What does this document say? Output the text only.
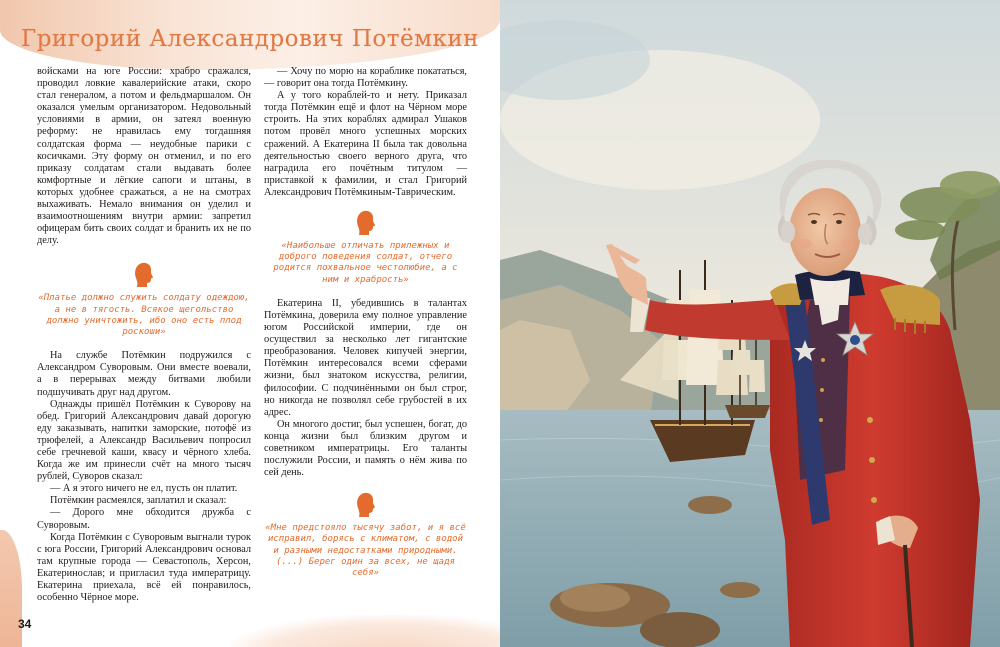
Григорий Александрович Потёмкин

войсками на юге России: храбро сражался, проводил ловкие кавалерийские атаки, скоро стал генералом, а потом и фельдмаршалом. Он оказался умелым организатором. Недовольный условиями в армии, он затеял военную реформу: не нравилась ему тогдашняя солдатская форма — неудобные парики с косичками. Эту форму он отменил, и по его приказу солдатам стали выдавать более комфортные и лёгкие сапоги и штаны, в которых удобнее сражаться, а не на смотрах выхаживать. Немало внимания он уделил и взаимоотношениям внутри армии: запретил офицерам бить своих солдат и бранить их не по делу.

«Платье должно служить солдату одеждою, а не в тягость. Всякое щегольство должно уничтожить, ибо оно есть плод роскоши»

На службе Потёмкин подружился с Александром Суворовым. Они вместе воевали, а в перерывах между битвами любили подшучивать друг над другом.

Однажды пришёл Потёмкин к Суворову на обед. Григорий Александрович давай дорогую еду заказывать, напитки заморские, потофё из трюфелей, а Александр Васильевич попросил себе гречневой каши, квасу и чёрного хлеба. Когда же им принесли счёт на много тысяч рублей, Суворов сказал:

— А я этого ничего не ел, пусть он платит.

Потёмкин расмеялся, заплатил и сказал:

— Дорого мне обходится дружба с Суворовым.

Когда Потёмкин с Суворовым выгнали турок с юга России, Григорий Александрович основал там крупные города — Севастополь, Херсон, Екатеринослав; и пригласил туда императрицу. Екатерина приехала, всё ей понравилось, особенно Чёрное море.

— Хочу по морю на кораблике покататься, — говорит она тогда Потёмкину.

А у того кораблей-то и нету. Приказал тогда Потёмкин ещё и флот на Чёрном море строить. На этих кораблях адмирал Ушаков потом провёл много успешных морских сражений. А Екатерина II была так довольна деятельностью своего верного друга, что наградила его почётным титулом — приставкой к фамилии, и стал Григорий Александрович Потёмкиным-Таврическим.

«Наибольше отличать прилежных и доброго поведения солдат, отчего родится похвальное честолюбие, а с ним и храбрость»

Екатерина II, убедившись в талантах Потёмкина, доверила ему полное управление югом Российской империи, где он осуществил за несколько лет гигантские преобразования. Человек кипучей энергии, Потёмкин интересовался всеми сферами жизни, был знатоком искусства, религии, философии. С подчинёнными он был строг, но никогда не позволял себе грубостей в их адрес.

Он многого достиг, был успешен, богат, до конца жизни был близким другом и советником императрицы. Его таланты послужили России, и память о нём жива по сей день.

«Мне предстояло тысячу забот, и я всё исправил, борясь с климатом, с водой и разными недостатками природными. (...) Берег один за всех, не щадя себя»

34
